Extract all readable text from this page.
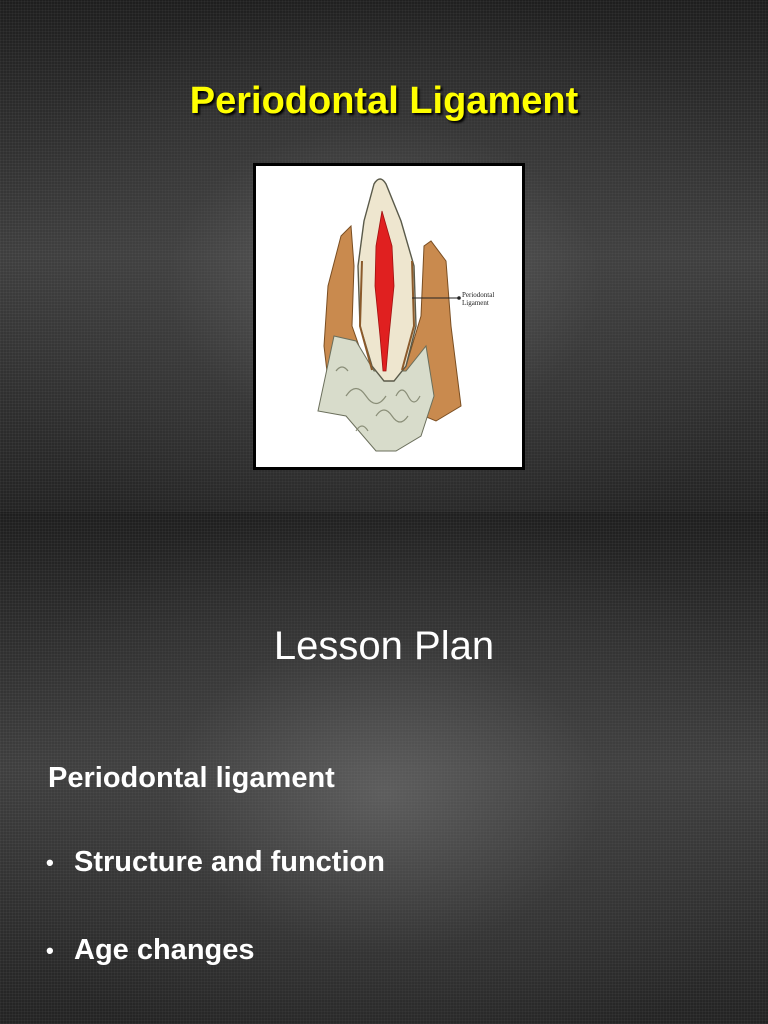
Periodontal Ligament
Periodontal
Ligament
Lesson Plan
Periodontal ligament
• Structure and function
• Age changes
